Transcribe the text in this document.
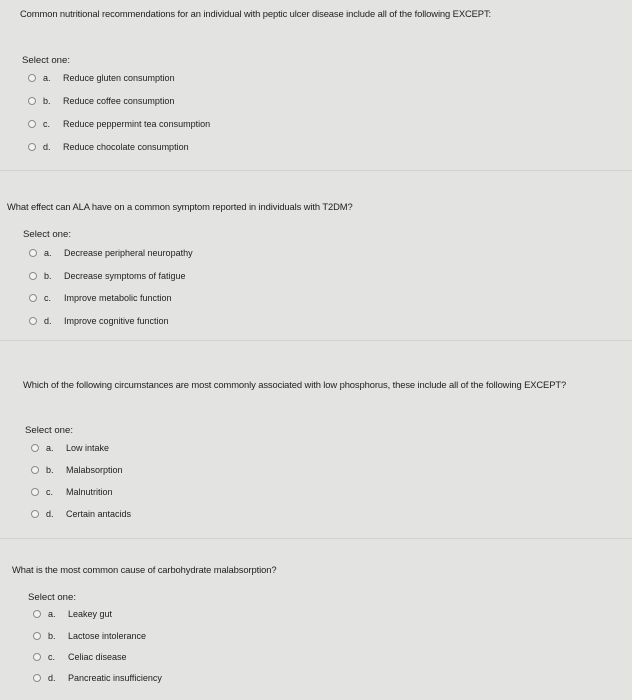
Common nutritional recommendations for an individual with peptic ulcer disease include all of the following EXCEPT:
Select one:
a.	Reduce gluten consumption
b.	Reduce coffee consumption
c.	Reduce peppermint tea consumption
d.	Reduce chocolate consumption
What effect can ALA have on a common symptom reported in individuals with T2DM?
Select one:
a.	Decrease peripheral neuropathy
b.	Decrease symptoms of fatigue
c.	Improve metabolic function
d.	Improve cognitive function
Which of the following circumstances are most commonly associated with low phosphorus, these include all of the following EXCEPT?
Select one:
a.	Low intake
b.	Malabsorption
c.	Malnutrition
d.	Certain antacids
What is the most common cause of carbohydrate malabsorption?
Select one:
a.	Leakey gut
b.	Lactose intolerance
c.	Celiac disease
d.	Pancreatic insufficiency
